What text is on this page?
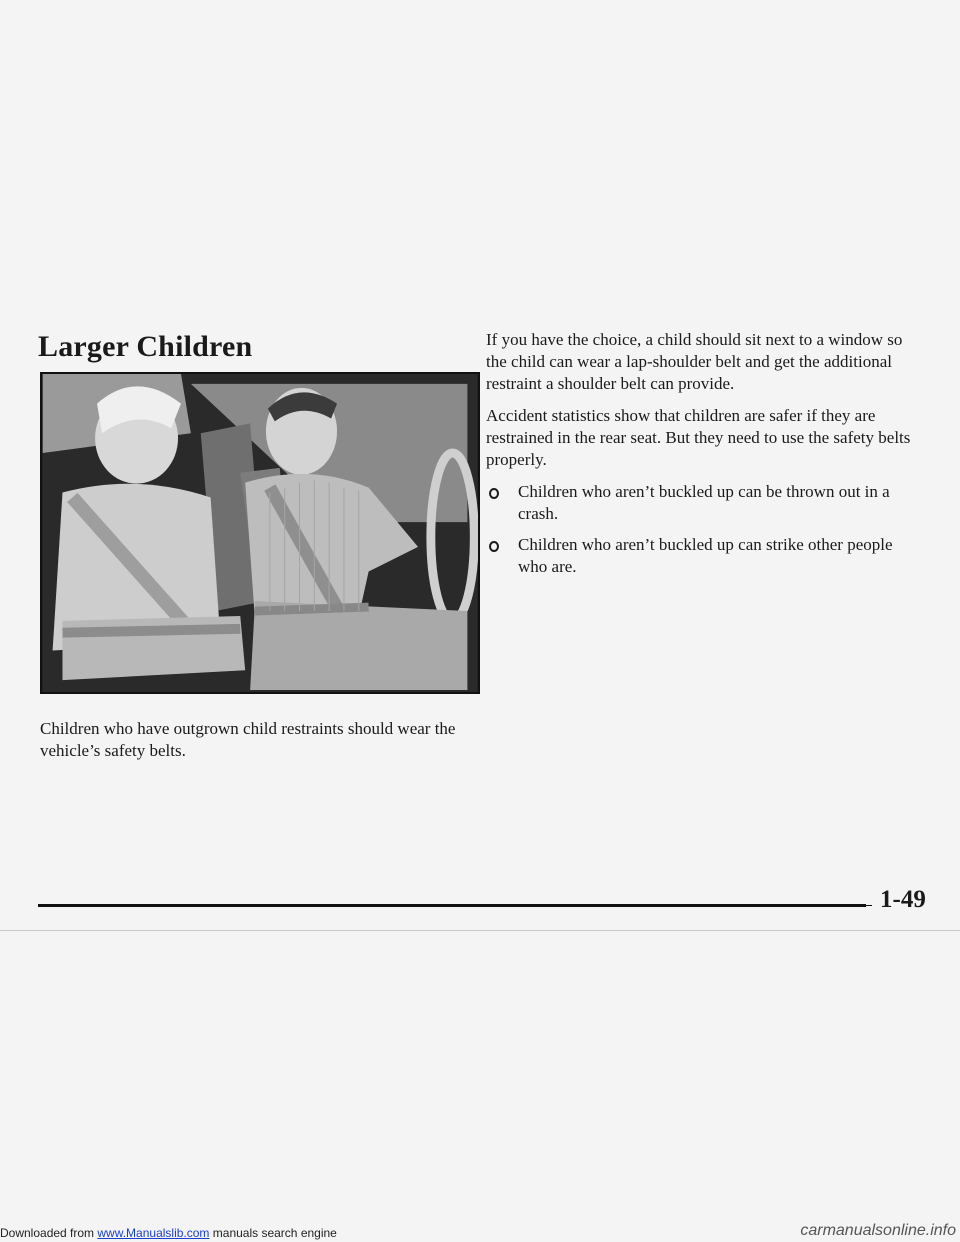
Larger Children

Children who have outgrown child restraints should wear the vehicle’s safety belts.

If you have the choice, a child should sit next to a window so the child can wear a lap-shoulder belt and get the additional restraint a shoulder belt can provide.

Accident statistics show that children are safer if they are restrained in the rear seat. But they need to use the safety belts properly.

Children who aren’t buckled up can be thrown out in a crash.
Children who aren’t buckled up can strike other people who are.
1-49
Downloaded from www.Manualslib.com manuals search engine	carmanualsonline.info
